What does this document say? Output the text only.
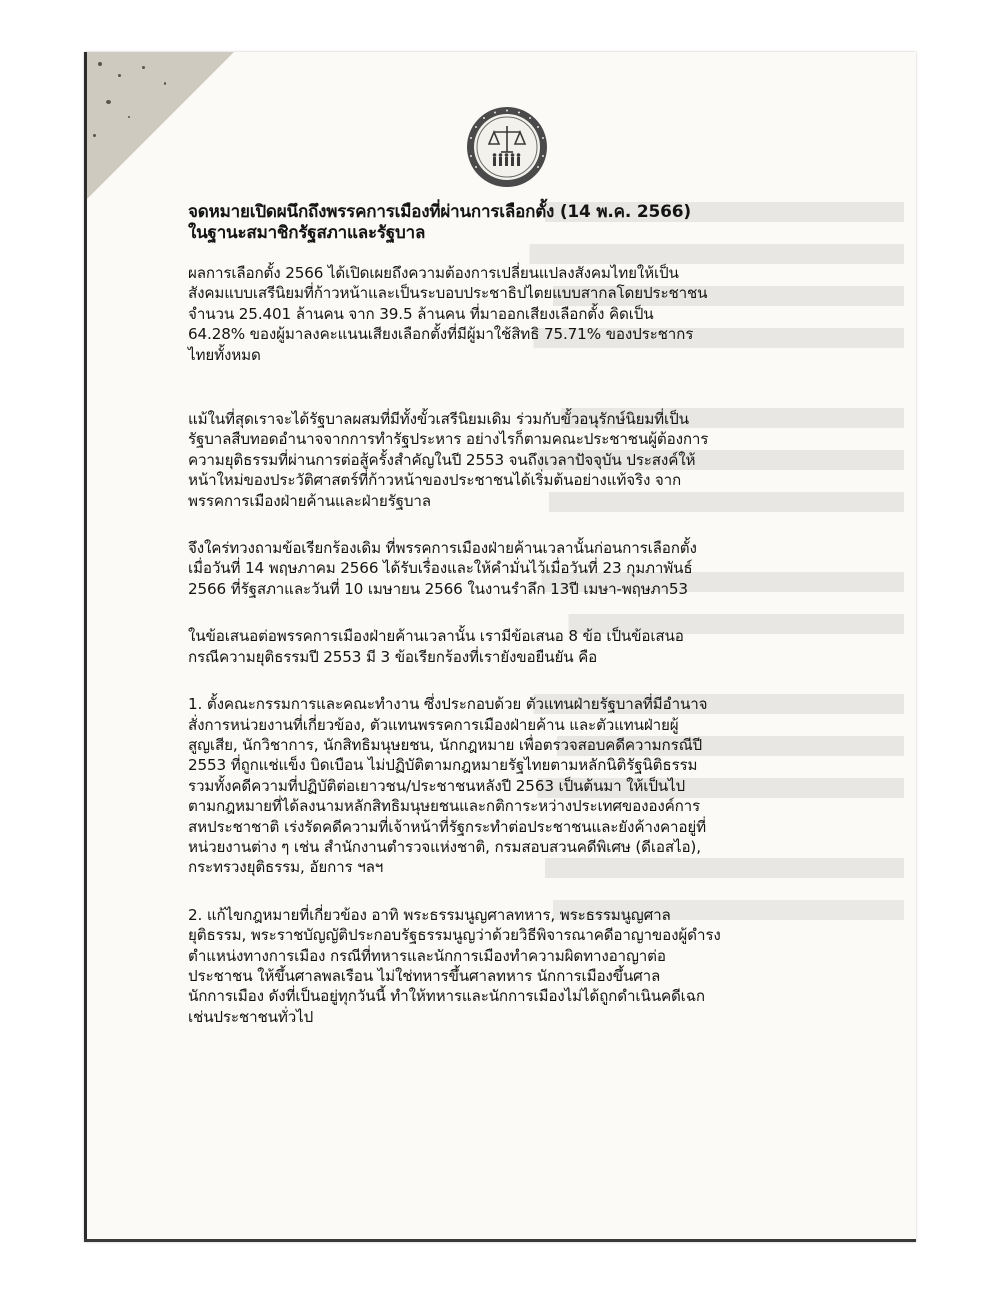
จดหมายเปิดผนึกถึงพรรคการเมืองที่ผ่านการเลือกตั้ง (14 พ.ค. 2566)

ในฐานะสมาชิกรัฐสภาและรัฐบาล

ผลการเลือกตั้ง 2566 ได้เปิดเผยถึงความต้องการเปลี่ยนแปลงสังคมไทยให้เป็น

สังคมแบบเสรีนิยมที่ก้าวหน้าและเป็นระบอบประชาธิปไตยแบบสากลโดยประชาชน

จำนวน 25.401 ล้านคน จาก 39.5 ล้านคน ที่มาออกเสียงเลือกตั้ง คิดเป็น

64.28% ของผู้มาลงคะแนนเสียงเลือกตั้งที่มีผู้มาใช้สิทธิ 75.71% ของประชากร

ไทยทั้งหมด

แม้ในที่สุดเราจะได้รัฐบาลผสมที่มีทั้งขั้วเสรีนิยมเดิม ร่วมกับขั้วอนุรักษ์นิยมที่เป็น

รัฐบาลสืบทอดอำนาจจากการทำรัฐประหาร อย่างไรก็ตามคณะประชาชนผู้ต้องการ

ความยุติธรรมที่ผ่านการต่อสู้ครั้งสำคัญในปี 2553 จนถึงเวลาปัจจุบัน ประสงค์ให้

หน้าใหม่ของประวัติศาสตร์ที่ก้าวหน้าของประชาชนได้เริ่มต้นอย่างแท้จริง จาก

พรรคการเมืองฝ่ายค้านและฝ่ายรัฐบาล

จึงใคร่ทวงถามข้อเรียกร้องเดิม ที่พรรคการเมืองฝ่ายค้านเวลานั้นก่อนการเลือกตั้ง

เมื่อวันที่ 14 พฤษภาคม 2566 ได้รับเรื่องและให้คำมั่นไว้เมื่อวันที่ 23 กุมภาพันธ์

2566 ที่รัฐสภาและวันที่ 10 เมษายน 2566 ในงานรำลึก 13ปี เมษา-พฤษภา53

ในข้อเสนอต่อพรรคการเมืองฝ่ายค้านเวลานั้น เรามีข้อเสนอ 8 ข้อ เป็นข้อเสนอ

กรณีความยุติธรรมปี 2553 มี 3 ข้อเรียกร้องที่เรายังขอยืนยัน คือ

1. ตั้งคณะกรรมการและคณะทำงาน ซึ่งประกอบด้วย ตัวแทนฝ่ายรัฐบาลที่มีอำนาจ

สั่งการหน่วยงานที่เกี่ยวข้อง, ตัวแทนพรรคการเมืองฝ่ายค้าน และตัวแทนฝ่ายผู้

สูญเสีย, นักวิชาการ, นักสิทธิมนุษยชน, นักกฎหมาย เพื่อตรวจสอบคดีความกรณีปี

2553 ที่ถูกแช่แข็ง บิดเบือน ไม่ปฏิบัติตามกฎหมายรัฐไทยตามหลักนิติรัฐนิติธรรม

รวมทั้งคดีความที่ปฏิบัติต่อเยาวชน/ประชาชนหลังปี 2563 เป็นต้นมา ให้เป็นไป

ตามกฎหมายที่ได้ลงนามหลักสิทธิมนุษยชนและกติการะหว่างประเทศขององค์การ

สหประชาชาติ เร่งรัดคดีความที่เจ้าหน้าที่รัฐกระทำต่อประชาชนและยังค้างคาอยู่ที่

หน่วยงานต่าง ๆ เช่น สำนักงานตำรวจแห่งชาติ, กรมสอบสวนคดีพิเศษ (ดีเอสไอ),

กระทรวงยุติธรรม, อัยการ ฯลฯ

2. แก้ไขกฎหมายที่เกี่ยวข้อง อาทิ พระธรรมนูญศาลทหาร, พระธรรมนูญศาล

ยุติธรรม, พระราชบัญญัติประกอบรัฐธรรมนูญว่าด้วยวิธีพิจารณาคดีอาญาของผู้ดำรง

ตำแหน่งทางการเมือง กรณีที่ทหารและนักการเมืองทำความผิดทางอาญาต่อ

ประชาชน ให้ขึ้นศาลพลเรือน ไม่ใช่ทหารขึ้นศาลทหาร นักการเมืองขึ้นศาล

นักการเมือง ดังที่เป็นอยู่ทุกวันนี้ ทำให้ทหารและนักการเมืองไม่ได้ถูกดำเนินคดีเฉก

เช่นประชาชนทั่วไป
